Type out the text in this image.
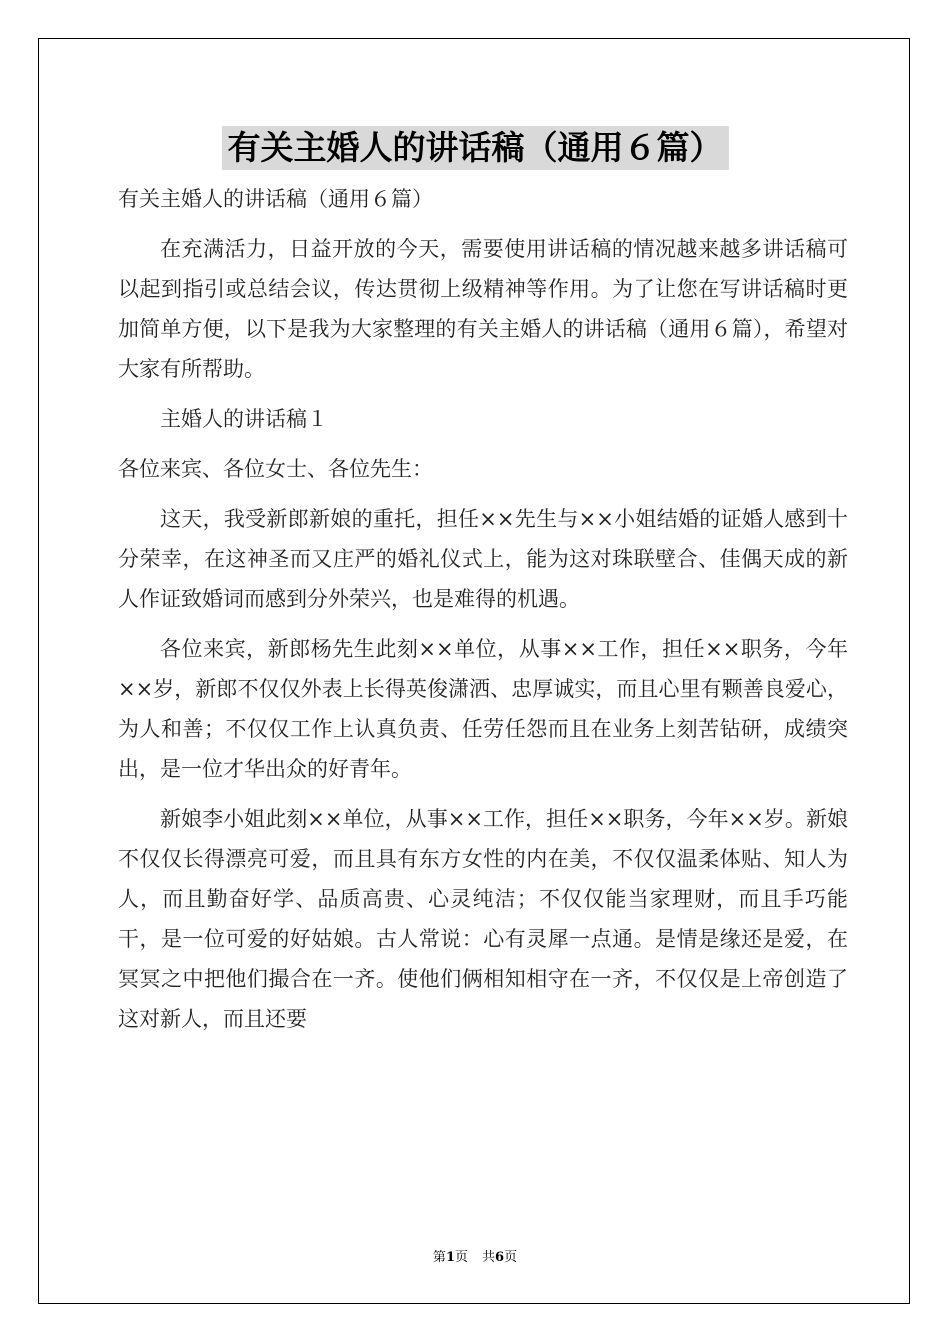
有关主婚人的讲话稿（通用６篇）

有关主婚人的讲话稿（通用６篇）

在充满活力，日益开放的今天，需要使用讲话稿的情况越来越多讲话稿可以起到指引或总结会议，传达贯彻上级精神等作用。为了让您在写讲话稿时更加简单方便，以下是我为大家整理的有关主婚人的讲话稿（通用６篇），希望对大家有所帮助。

主婚人的讲话稿１

各位来宾、各位女士、各位先生：

这天，我受新郎新娘的重托，担任××先生与××小姐结婚的证婚人感到十分荣幸，在这神圣而又庄严的婚礼仪式上，能为这对珠联壁合、佳偶天成的新人作证致婚词而感到分外荣兴，也是难得的机遇。

各位来宾，新郎杨先生此刻××单位，从事××工作，担任××职务，今年××岁，新郎不仅仅外表上长得英俊潇洒、忠厚诚实，而且心里有颗善良爱心，为人和善；不仅仅工作上认真负责、任劳任怨而且在业务上刻苦钻研，成绩突出，是一位才华出众的好青年。

新娘李小姐此刻××单位，从事××工作，担任××职务，今年××岁。新娘不仅仅长得漂亮可爱，而且具有东方女性的内在美，不仅仅温柔体贴、知人为人，而且勤奋好学、品质高贵、心灵纯洁；不仅仅能当家理财，而且手巧能干，是一位可爱的好姑娘。古人常说：心有灵犀一点通。是情是缘还是爱，在冥冥之中把他们撮合在一齐。使他们俩相知相守在一齐，不仅仅是上帝创造了这对新人，而且还要

第1页 共6页
